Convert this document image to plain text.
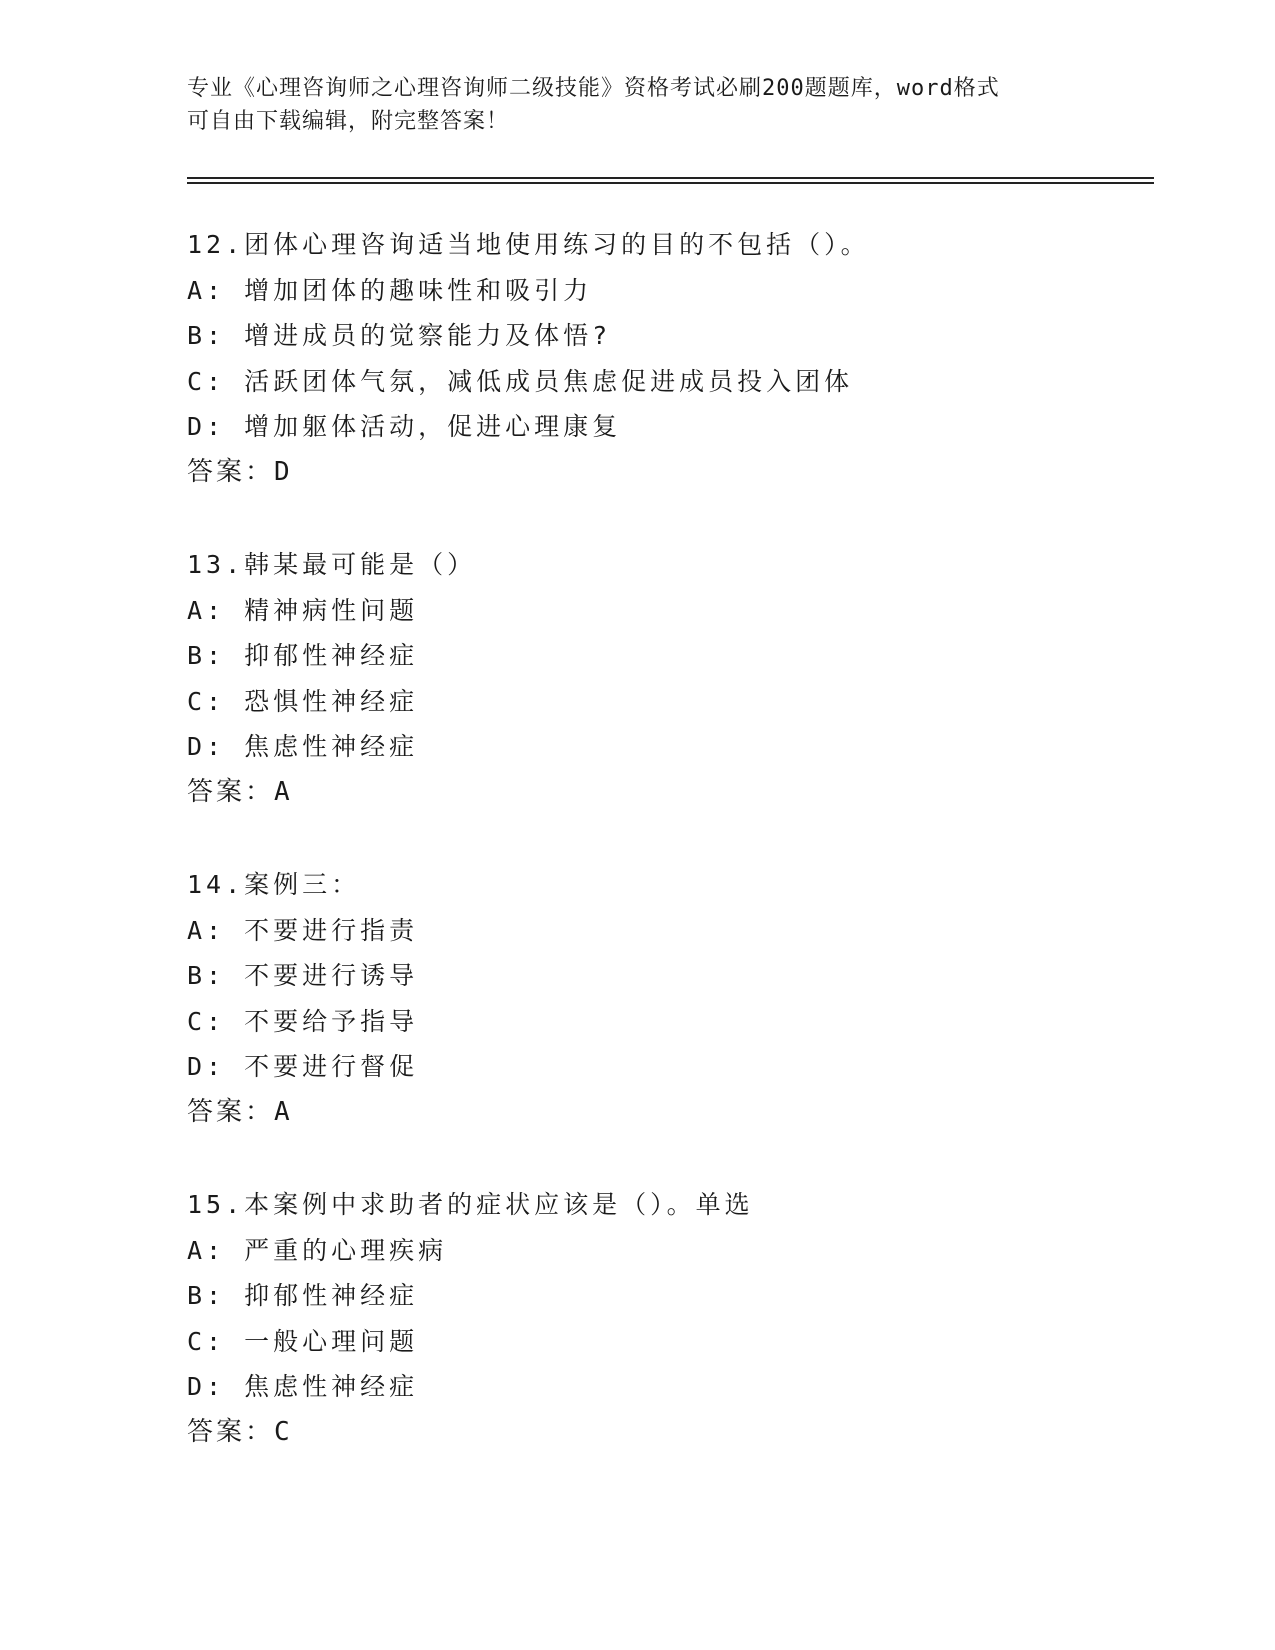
专业《心理咨询师之心理咨询师二级技能》资格考试必刷200题题库，word格式
可自由下载编辑，附完整答案！
12.团体心理咨询适当地使用练习的目的不包括（）。
A: 增加团体的趣味性和吸引力
B: 增进成员的觉察能力及体悟?
C: 活跃团体气氛，减低成员焦虑促进成员投入团体
D: 增加躯体活动，促进心理康复
答案：D
13.韩某最可能是（）
A: 精神病性问题
B: 抑郁性神经症
C: 恐惧性神经症
D: 焦虑性神经症
答案：A
14.案例三：
A: 不要进行指责
B: 不要进行诱导
C: 不要给予指导
D: 不要进行督促
答案：A
15.本案例中求助者的症状应该是（）。单选
A: 严重的心理疾病
B: 抑郁性神经症
C: 一般心理问题
D: 焦虑性神经症
答案：C
